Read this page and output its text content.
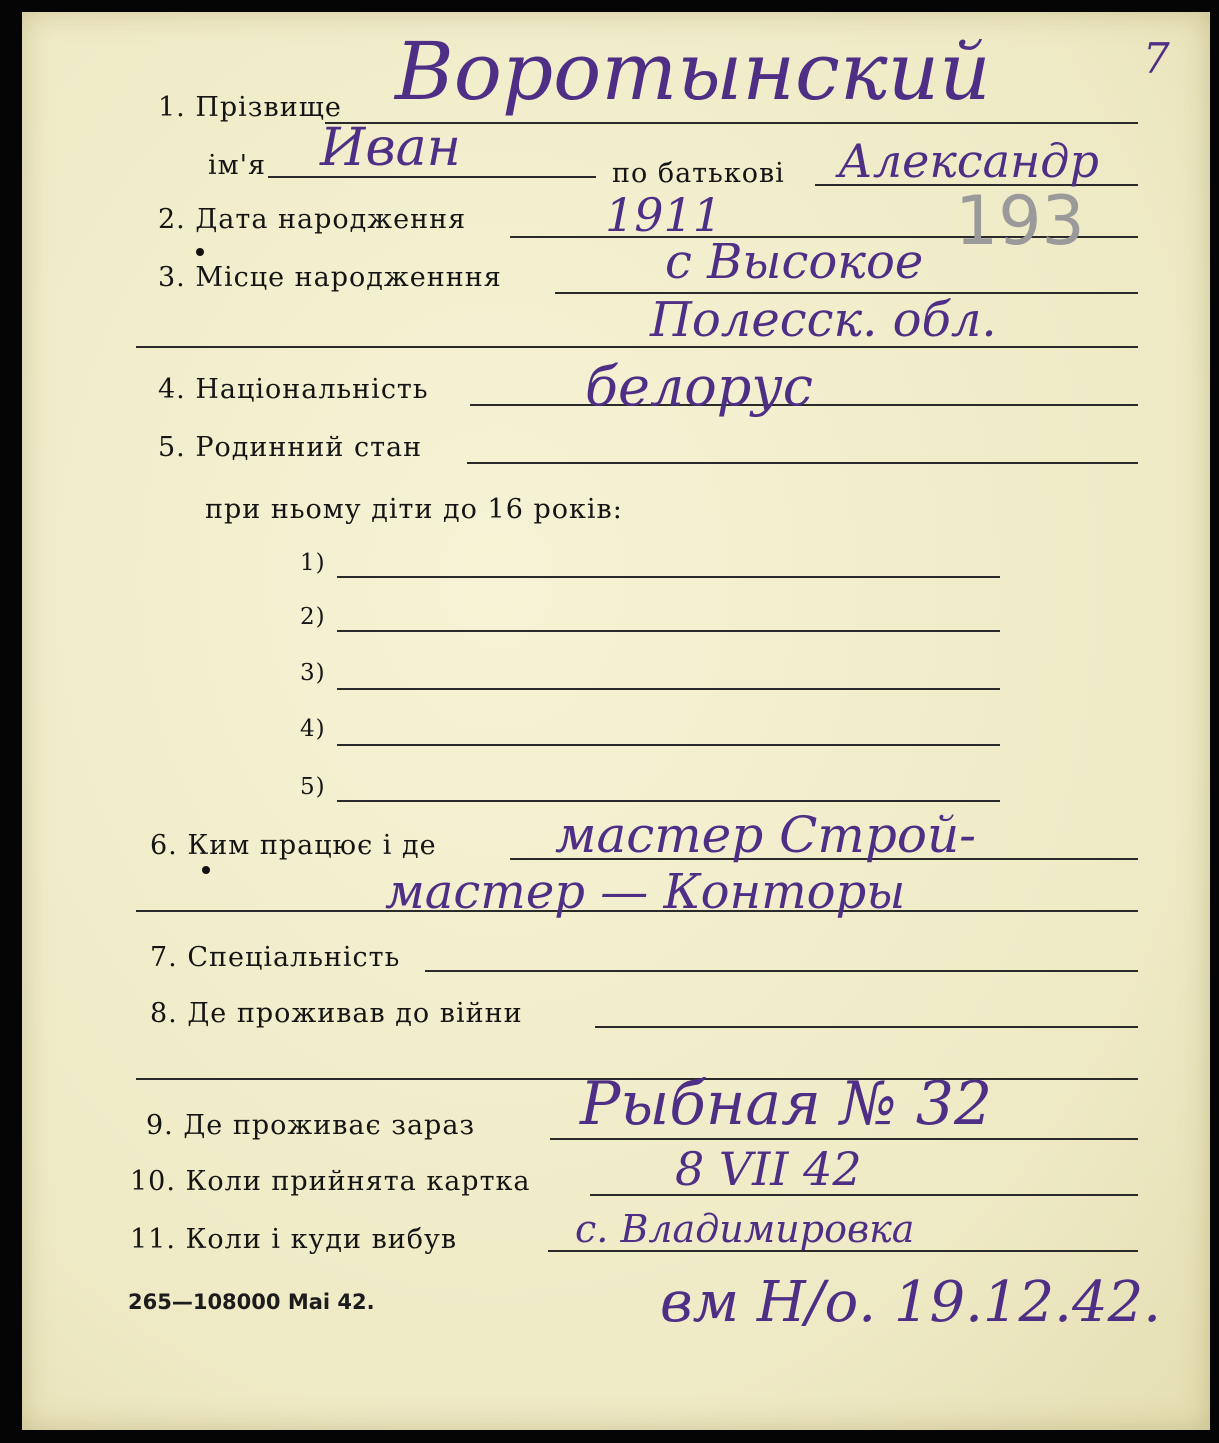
7
1. Прізвище Воротынский
ім'я Иван	по батькові Александр
2. Дата народження	1911	193
3. Місце народженння	с Высокое
Полесск. обл.
4. Національність	белорус
5. Родинний стан
при ньому діти до 16 років:
1)
2)
3)
4)
5)
6. Ким працює і де мастер Строй-
мастер — Конторы
7. Спеціальність
8. Де проживав до війни
9. Де проживає зараз Рыбная № 32
10. Коли прийнята картка	8 VII 42
11. Коли і куди вибув	с. Владимировка
265—108000 Mai 42.	вм Н/о. 19.12.42.
